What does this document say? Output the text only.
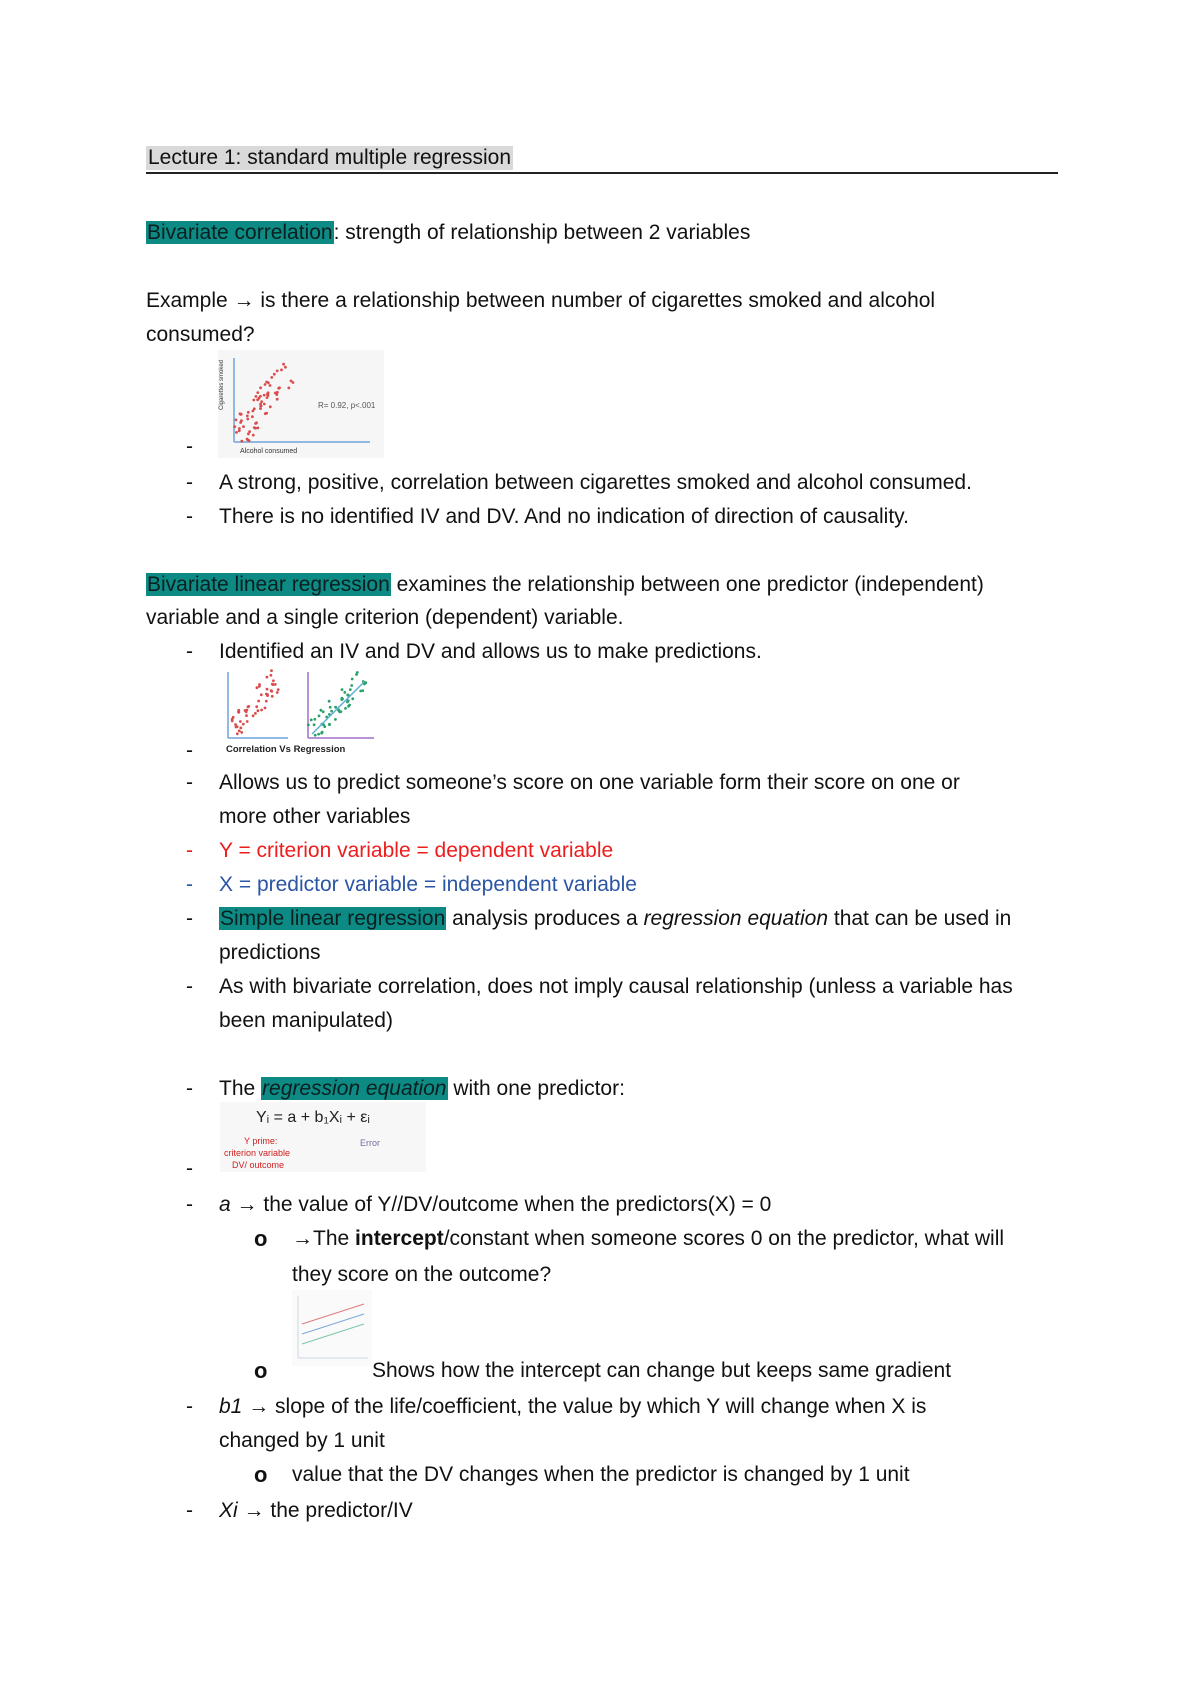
Lecture 1: standard multiple regression
Bivariate correlation: strength of relationship between 2 variables
Example → is there a relationship between number of cigarettes smoked and alcohol
consumed?
Cigarettes smoked
Alcohol consumed
R= 0.92, p<.001
-
- A strong, positive, correlation between cigarettes smoked and alcohol consumed.
- There is no identified IV and DV. And no indication of direction of causality.
Bivariate linear regression examines the relationship between one predictor (independent)
variable and a single criterion (dependent) variable.
- Identified an IV and DV and allows us to make predictions.
Correlation Vs Regression
-
- Allows us to predict someone’s score on one variable form their score on one or
more other variables
- Y = criterion variable = dependent variable
- X = predictor variable = independent variable
- Simple linear regression analysis produces a regression equation that can be used in
predictions
- As with bivariate correlation, does not imply causal relationship (unless a variable has
been manipulated)
- The regression equation with one predictor:
Yᵢ = a + b₁Xᵢ + εᵢ
Y prime:
criterion variable
DV/ outcome
Error
-
- a → the value of Y//DV/outcome when the predictors(X) = 0
o →The intercept/constant when someone scores 0 on the predictor, what will
they score on the outcome?
o	Shows how the intercept can change but keeps same gradient
- b1 → slope of the life/coefficient, the value by which Y will change when X is
changed by 1 unit
o value that the DV changes when the predictor is changed by 1 unit
- Xi → the predictor/IV
